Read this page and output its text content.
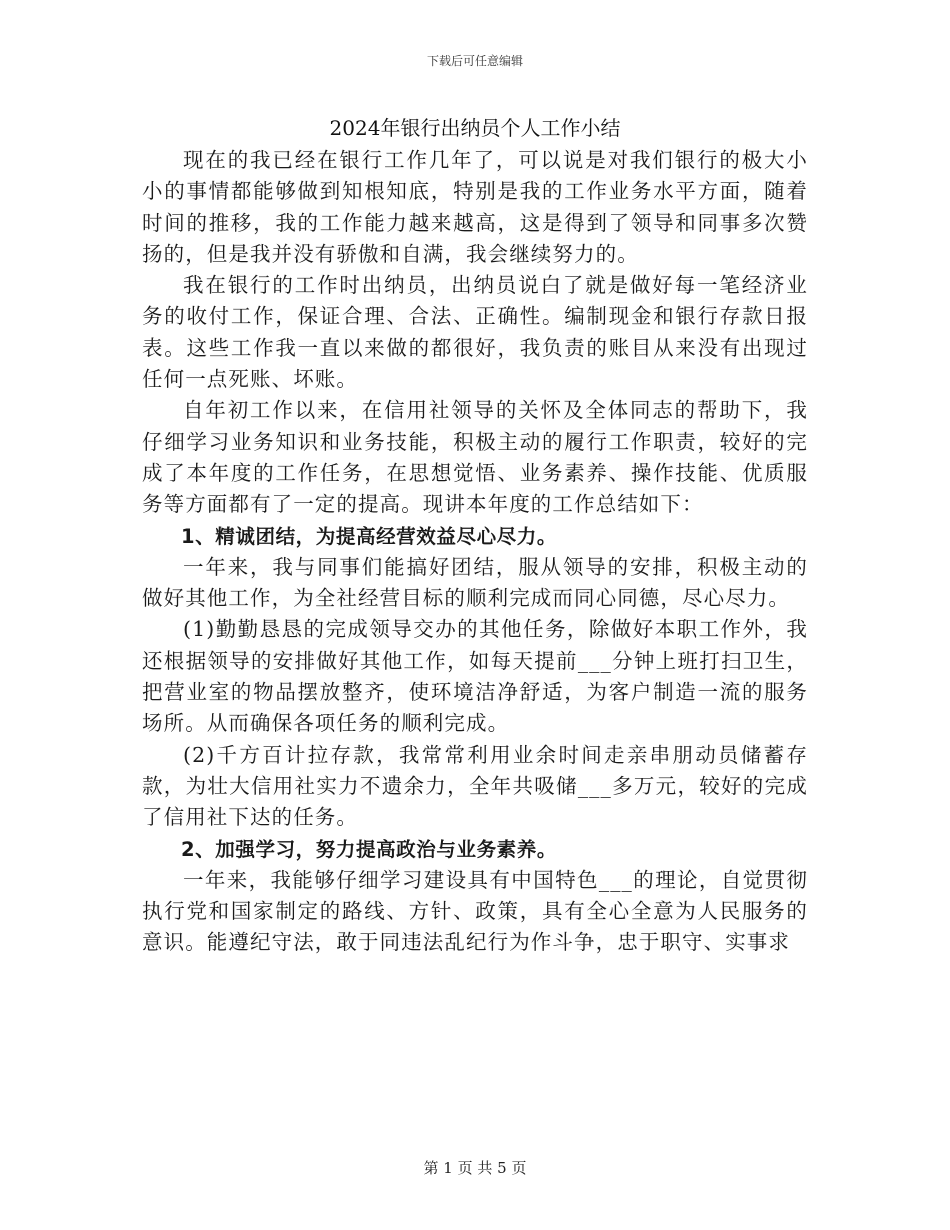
下载后可任意编辑
2024年银行出纳员个人工作小结

现在的我已经在银行工作几年了，可以说是对我们银行的极大小小的事情都能够做到知根知底，特别是我的工作业务水平方面，随着时间的推移，我的工作能力越来越高，这是得到了领导和同事多次赞扬的，但是我并没有骄傲和自满，我会继续努力的。

我在银行的工作时出纳员，出纳员说白了就是做好每一笔经济业务的收付工作，保证合理、合法、正确性。编制现金和银行存款日报表。这些工作我一直以来做的都很好，我负责的账目从来没有出现过任何一点死账、坏账。

自年初工作以来，在信用社领导的关怀及全体同志的帮助下，我仔细学习业务知识和业务技能，积极主动的履行工作职责，较好的完成了本年度的工作任务，在思想觉悟、业务素养、操作技能、优质服务等方面都有了一定的提高。现讲本年度的工作总结如下：

1、精诚团结，为提高经营效益尽心尽力。

一年来，我与同事们能搞好团结，服从领导的安排，积极主动的做好其他工作，为全社经营目标的顺利完成而同心同德，尽心尽力。

(1)勤勤恳恳的完成领导交办的其他任务，除做好本职工作外，我还根据领导的安排做好其他工作，如每天提前___分钟上班打扫卫生，把营业室的物品摆放整齐，使环境洁净舒适，为客户制造一流的服务场所。从而确保各项任务的顺利完成。

(2)千方百计拉存款，我常常利用业余时间走亲串朋动员储蓄存款，为壮大信用社实力不遗余力，全年共吸储___多万元，较好的完成了信用社下达的任务。

2、加强学习，努力提高政治与业务素养。

一年来，我能够仔细学习建设具有中国特色___的理论，自觉贯彻执行党和国家制定的路线、方针、政策，具有全心全意为人民服务的意识。能遵纪守法，敢于同违法乱纪行为作斗争，忠于职守、实事求

第 1 页 共 5 页
